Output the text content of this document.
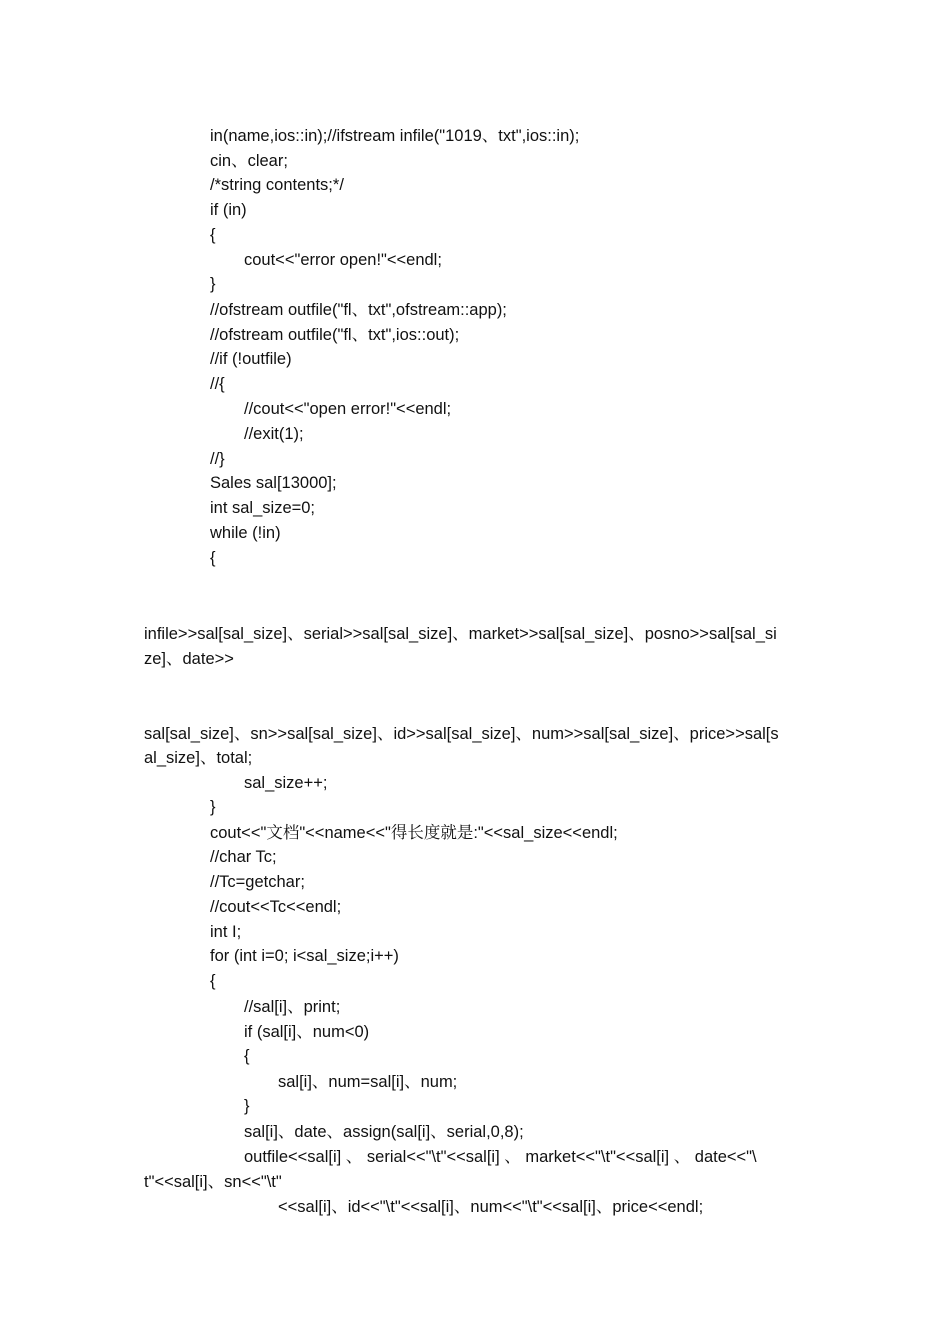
in(name,ios::in);//ifstream infile("1019、txt",ios::in);
cin、clear;
/*string contents;*/
if (in)
{
cout<<"error open!"<<endl;
}
//ofstream outfile("fl、txt",ofstream::app);
//ofstream outfile("fl、txt",ios::out);
//if (!outfile)
//{
//cout<<"open error!"<<endl;
//exit(1);
//}
Sales sal[13000];
int sal_size=0;
while (!in)
{
infile>>sal[sal_size]、serial>>sal[sal_size]、market>>sal[sal_size]、posno>>sal[sal_si
ze]、date>>
sal[sal_size]、sn>>sal[sal_size]、id>>sal[sal_size]、num>>sal[sal_size]、price>>sal[s
al_size]、total;
sal_size++;
}
cout<<"文档"<<name<<"得长度就是:"<<sal_size<<endl;
//char Tc;
//Tc=getchar;
//cout<<Tc<<endl;
int I;
for (int i=0; i<sal_size;i++)
{
//sal[i]、print;
if (sal[i]、num<0)
{
sal[i]、num=sal[i]、num;
}
sal[i]、date、assign(sal[i]、serial,0,8);
outfile<<sal[i] 、 serial<<"\t"<<sal[i] 、 market<<"\t"<<sal[i] 、 date<<"\
t"<<sal[i]、sn<<"\t"
<<sal[i]、id<<"\t"<<sal[i]、num<<"\t"<<sal[i]、price<<endl;
